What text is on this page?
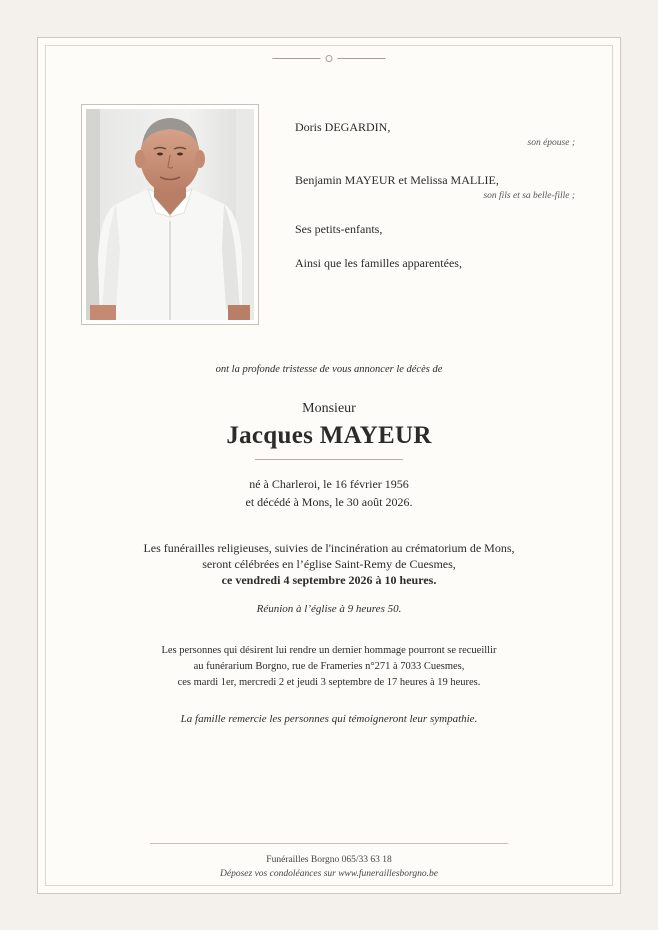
Doris DEGARDIN,

son épouse ;

Benjamin MAYEUR et Melissa MALLIE,

son fils et sa belle-fille ;

Ses petits-enfants,

Ainsi que les familles apparentées,

ont la profonde tristesse de vous annoncer le décès de

Monsieur

Jacques MAYEUR

né à Charleroi, le 16 février 1956

et décédé à Mons, le 30 août 2026.

Les funérailles religieuses, suivies de l'incinération au crématorium de Mons,

seront célébrées en l’église Saint-Remy de Cuesmes,

ce vendredi 4 septembre 2026 à 10 heures.

Réunion à l’église à 9 heures 50.

Les personnes qui désirent lui rendre un dernier hommage pourront se recueillir

au funérarium Borgno, rue de Frameries n°271 à 7033 Cuesmes,

ces mardi 1er, mercredi 2 et jeudi 3 septembre de 17 heures à 19 heures.

La famille remercie les personnes qui témoigneront leur sympathie.

Funérailles Borgno 065/33 63 18

Déposez vos condoléances sur www.funeraillesborgno.be
